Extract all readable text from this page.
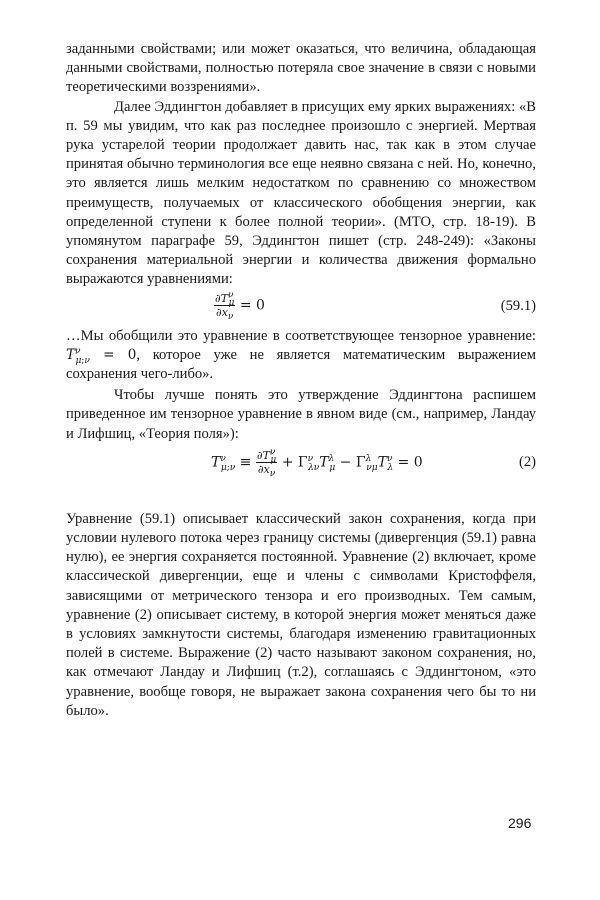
заданными свойствами; или может оказаться, что величина, обладающая данными свойствами, полностью потеряла свое значение в связи с новыми теоретическими воззрениями».

Далее Эддингтон добавляет в присущих ему ярких выражениях: «В п. 59 мы увидим, что как раз последнее произошло с энергией. Мертвая рука устарелой теории продолжает давить нас, так как в этом случае принятая обычно терминология все еще неявно связана с ней. Но, конечно, это является лишь мелким недостатком по сравнению со множеством преимуществ, получаемых от классического обобщения энергии, как определенной ступени к более полной теории». (МТО, стр. 18-19). В упомянутом параграфе 59, Эддингтон пишет (стр. 248-249): «Законы сохранения материальной энергии и количества движения формально выражаются уравнениями:

$\frac{\partial T^\nu_\mu}{\partial x_\nu} = 0$	(59.1)

…Мы обобщили это уравнение в соответствующее тензорное уравнение: $T^\nu_{\mu;\nu} = 0$, которое уже не является математическим выражением сохранения чего-либо».

Чтобы лучше понять это утверждение Эддингтона распишем приведенное им тензорное уравнение в явном виде (см., например, Ландау и Лифшиц, «Теория поля»):

$T^\nu_{\mu;\nu} \equiv \frac{\partial T^\nu_\mu}{\partial x_\nu} + \Gamma^\nu_{\lambda\nu}T^\lambda_\mu - \Gamma^\lambda_{\nu\mu}T^\nu_\lambda = 0$	(2)

Уравнение (59.1) описывает классический закон сохранения, когда при условии нулевого потока через границу системы (дивергенция (59.1) равна нулю), ее энергия сохраняется постоянной. Уравнение (2) включает, кроме классической дивергенции, еще и члены с символами Кристоффеля, зависящими от метрического тензора и его производных. Тем самым, уравнение (2) описывает систему, в которой энергия может меняться даже в условиях замкнутости системы, благодаря изменению гравитационных полей в системе. Выражение (2) часто называют законом сохранения, но, как отмечают Ландау и Лифшиц (т.2), соглашаясь с Эддингтоном, «это уравнение, вообще говоря, не выражает закона сохранения чего бы то ни было».

296
